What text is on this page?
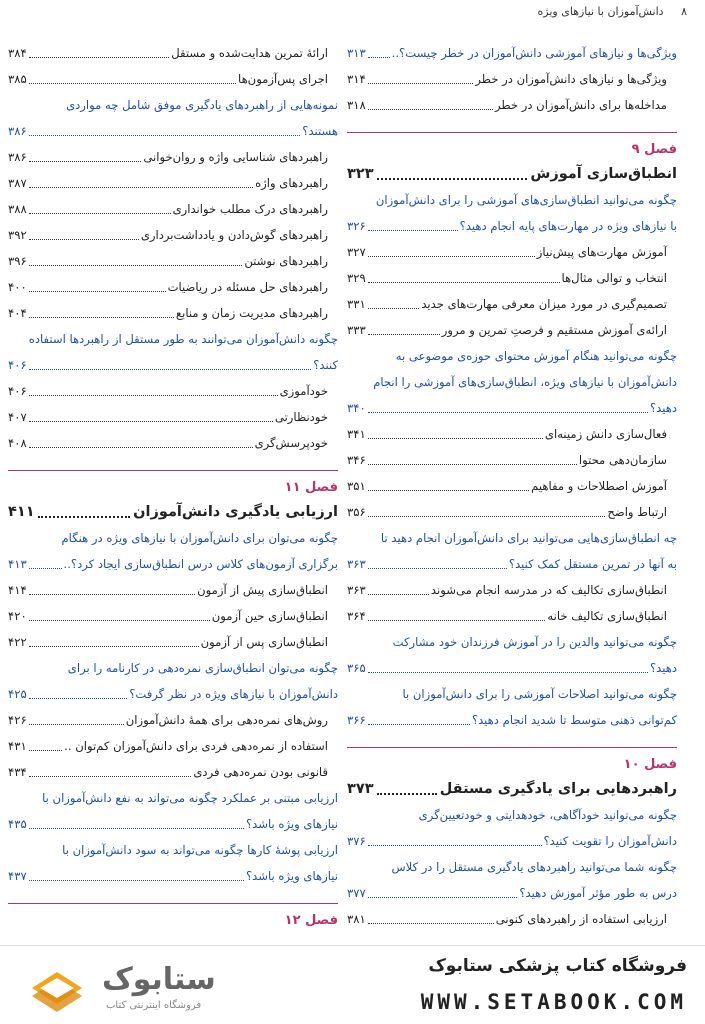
۸ دانش‌آموزان با نیازهای ویژه
ویژگی‌ها و نیازهای آموزشی دانش‌آموزان در خطر چیست؟..
۳۱۳
ویژگی‌ها و نیازهای دانش‌آموزان در خطر
۳۱۴
مداخله‌ها برای دانش‌آموزان در خطر
۳۱۸
فصل ۹
انطباق‌سازی آموزش
۳۲۳
چگونه می‌توانید انطباق‌سازی‌های آموزشی را برای دانش‌آموزان
با نیازهای ویژه در مهارت‌های پایه انجام دهید؟
۳۲۶
آموزش مهارت‌های پیش‌نیاز
۳۲۷
انتخاب و توالی مثال‌ها
۳۲۹
تصمیم‌گیری در مورد میزان معرفی مهارت‌های جدید
۳۳۱
ارائه‌ی آموزش مستقیم و فرصتِ تمرین و مرور
۳۳۳
چگونه می‌توانید هنگام آموزش محتوای حوزه‌ی موضوعی به
دانش‌آموزان با نیازهای ویژه، انطباق‌سازی‌های آموزشی را انجام
دهید؟
۳۴۰
فعال‌سازی دانش زمینه‌ای
۳۴۱
سازمان‌دهی محتوا
۳۴۶
آموزش اصطلاحات و مفاهیم
۳۵۱
ارتباط واضح
۳۵۶
چه انطباق‌سازی‌هایی می‌توانید برای دانش‌آموزان انجام دهید تا
به آنها در تمرین مستقل کمک کنید؟
۳۶۳
انطباق‌سازی تکالیف که در مدرسه انجام می‌شوند
۳۶۳
انطباق‌سازی تکالیف خانه
۳۶۴
چگونه می‌توانید والدین را در آموزش فرزندان خود مشارکت
دهید؟
۳۶۵
چگونه می‌توانید اصلاحات آموزشی را برای دانش‌آموزان با
کم‌توانی ذهنی متوسط تا شدید انجام دهید؟
۳۶۶
فصل ۱۰
راهبردهایی برای یادگیری مستقل
۳۷۳
چگونه می‌توانید خودآگاهی، خودهدایتی و خودتعیین‌گری
دانش‌آموزان را تقویت کنید؟
۳۷۶
چگونه شما می‌توانید راهبردهای یادگیری مستقل را در کلاس
درس به طور مؤثر آموزش دهید؟
۳۷۷
ارزیابی استفاده از راهبردهای کنونی
۳۸۱
ارائهٔ تمرین هدایت‌شده و مستقل
۳۸۴
اجرای پس‌آزمون‌ها
۳۸۵
نمونه‌هایی از راهبردهای یادگیری موفق شامل چه مواردی
هستند؟
۳۸۶
راهبردهای شناسایی واژه و روان‌خوانی
۳۸۶
راهبردهای واژه
۳۸۷
راهبردهای درک مطلب خوانداری
۳۸۸
راهبردهای گوش‌دادن و یادداشت‌برداری
۳۹۲
راهبردهای نوشتن
۳۹۶
راهبردهای حل مسئله در ریاضیات
۴۰۰
راهبردهای مدیریت زمان و منابع
۴۰۴
چگونه دانش‌آموزان می‌توانند به طور مستقل از راهبردها استفاده
کنند؟
۴۰۶
خودآموزی
۴۰۶
خودنظارتی
۴۰۷
خودپرسش‌گری
۴۰۸
فصل ۱۱
ارزیابی یادگیری دانش‌آموزان
۴۱۱
چگونه می‌توان برای دانش‌آموزان با نیازهای ویژه در هنگام
برگزاری آزمون‌های کلاس درس انطباق‌سازی ایجاد کرد؟..
۴۱۳
انطباق‌سازی پیش از آزمون
۴۱۴
انطباق‌سازی حین آزمون
۴۲۰
انطباق‌سازی پس از آزمون
۴۲۲
چگونه می‌توان انطباق‌سازی نمره‌دهی در کارنامه را برای
دانش‌آموزان با نیازهای ویژه در نظر گرفت؟
۴۲۵
روش‌های نمره‌دهی برای همهٔ دانش‌آموزان
۴۲۶
استفاده از نمره‌دهی فردی برای دانش‌آموزان کم‌توان ..
۴۳۱
قانونی بودن نمره‌دهی فردی
۴۳۴
ارزیابی مبتنی بر عملکرد چگونه می‌تواند به نفع دانش‌آموزان با
نیازهای ویژه باشد؟
۴۳۵
ارزیابی پوشهٔ کارها چگونه می‌تواند به سود دانش‌آموزان با
نیازهای ویژه باشد؟
۴۳۷
فصل ۱۲
فروشگاه کتاب پزشکی ستابوک
WWW.SETABOOK.COM
ستابوک
فروشگاه اینترنتی کتاب
